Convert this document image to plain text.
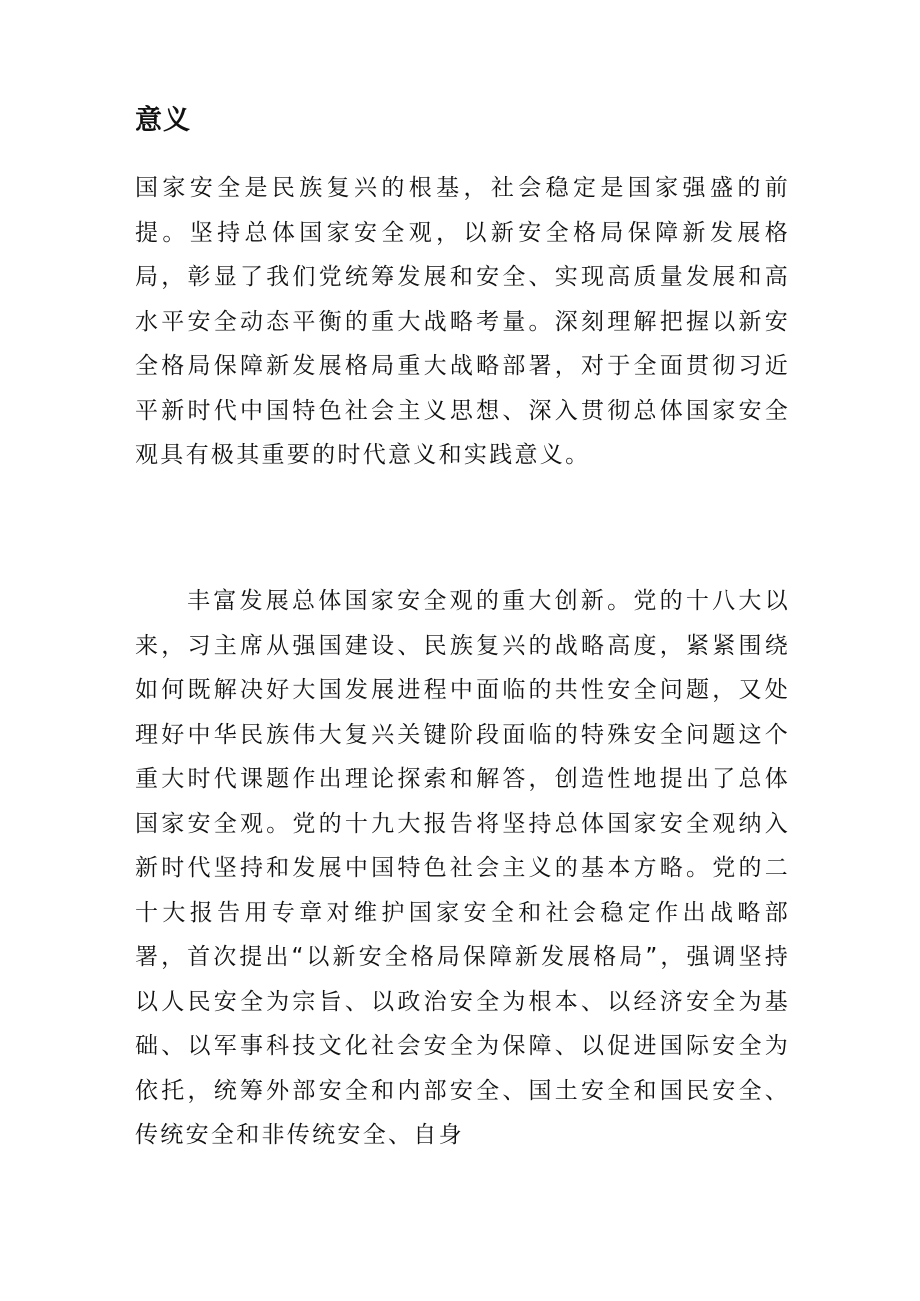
意义

国家安全是民族复兴的根基，社会稳定是国家强盛的前提。坚持总体国家安全观，以新安全格局保障新发展格局，彰显了我们党统筹发展和安全、实现高质量发展和高水平安全动态平衡的重大战略考量。深刻理解把握以新安全格局保障新发展格局重大战略部署，对于全面贯彻习近平新时代中国特色社会主义思想、深入贯彻总体国家安全观具有极其重要的时代意义和实践意义。

丰富发展总体国家安全观的重大创新。党的十八大以来，习主席从强国建设、民族复兴的战略高度，紧紧围绕如何既解决好大国发展进程中面临的共性安全问题，又处理好中华民族伟大复兴关键阶段面临的特殊安全问题这个重大时代课题作出理论探索和解答，创造性地提出了总体国家安全观。党的十九大报告将坚持总体国家安全观纳入新时代坚持和发展中国特色社会主义的基本方略。党的二十大报告用专章对维护国家安全和社会稳定作出战略部署，首次提出“以新安全格局保障新发展格局”，强调坚持以人民安全为宗旨、以政治安全为根本、以经济安全为基础、以军事科技文化社会安全为保障、以促进国际安全为依托，统筹外部安全和内部安全、国土安全和国民安全、传统安全和非传统安全、自身
